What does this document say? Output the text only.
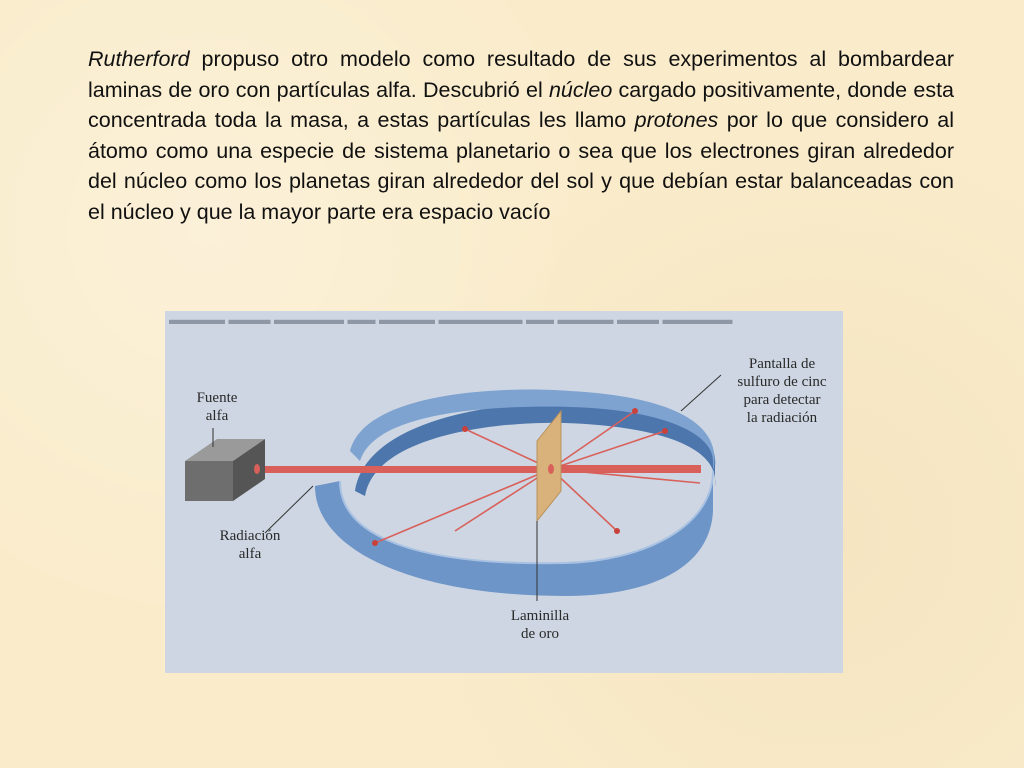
Rutherford propuso otro modelo como resultado de sus experimentos al bombardear laminas de oro con partículas alfa. Descubrió el núcleo cargado positivamente, donde esta concentrada toda la masa, a estas partículas les llamo protones por lo que considero al átomo como una especie de sistema planetario o sea que los electrones giran alrededor del núcleo como los planetas giran alrededor del sol y que debían estar balanceadas con el núcleo y que la mayor parte era espacio vacío

▬▬▬▬ ▬▬▬ ▬▬▬▬▬ ▬▬ ▬▬▬▬ ▬▬▬▬▬▬ ▬▬ ▬▬▬▬ ▬▬▬ ▬▬▬▬▬
Fuente
alfa
Pantalla de
sulfuro de cinc
para detectar
la radiación
Radiación
alfa
Laminilla
de oro
